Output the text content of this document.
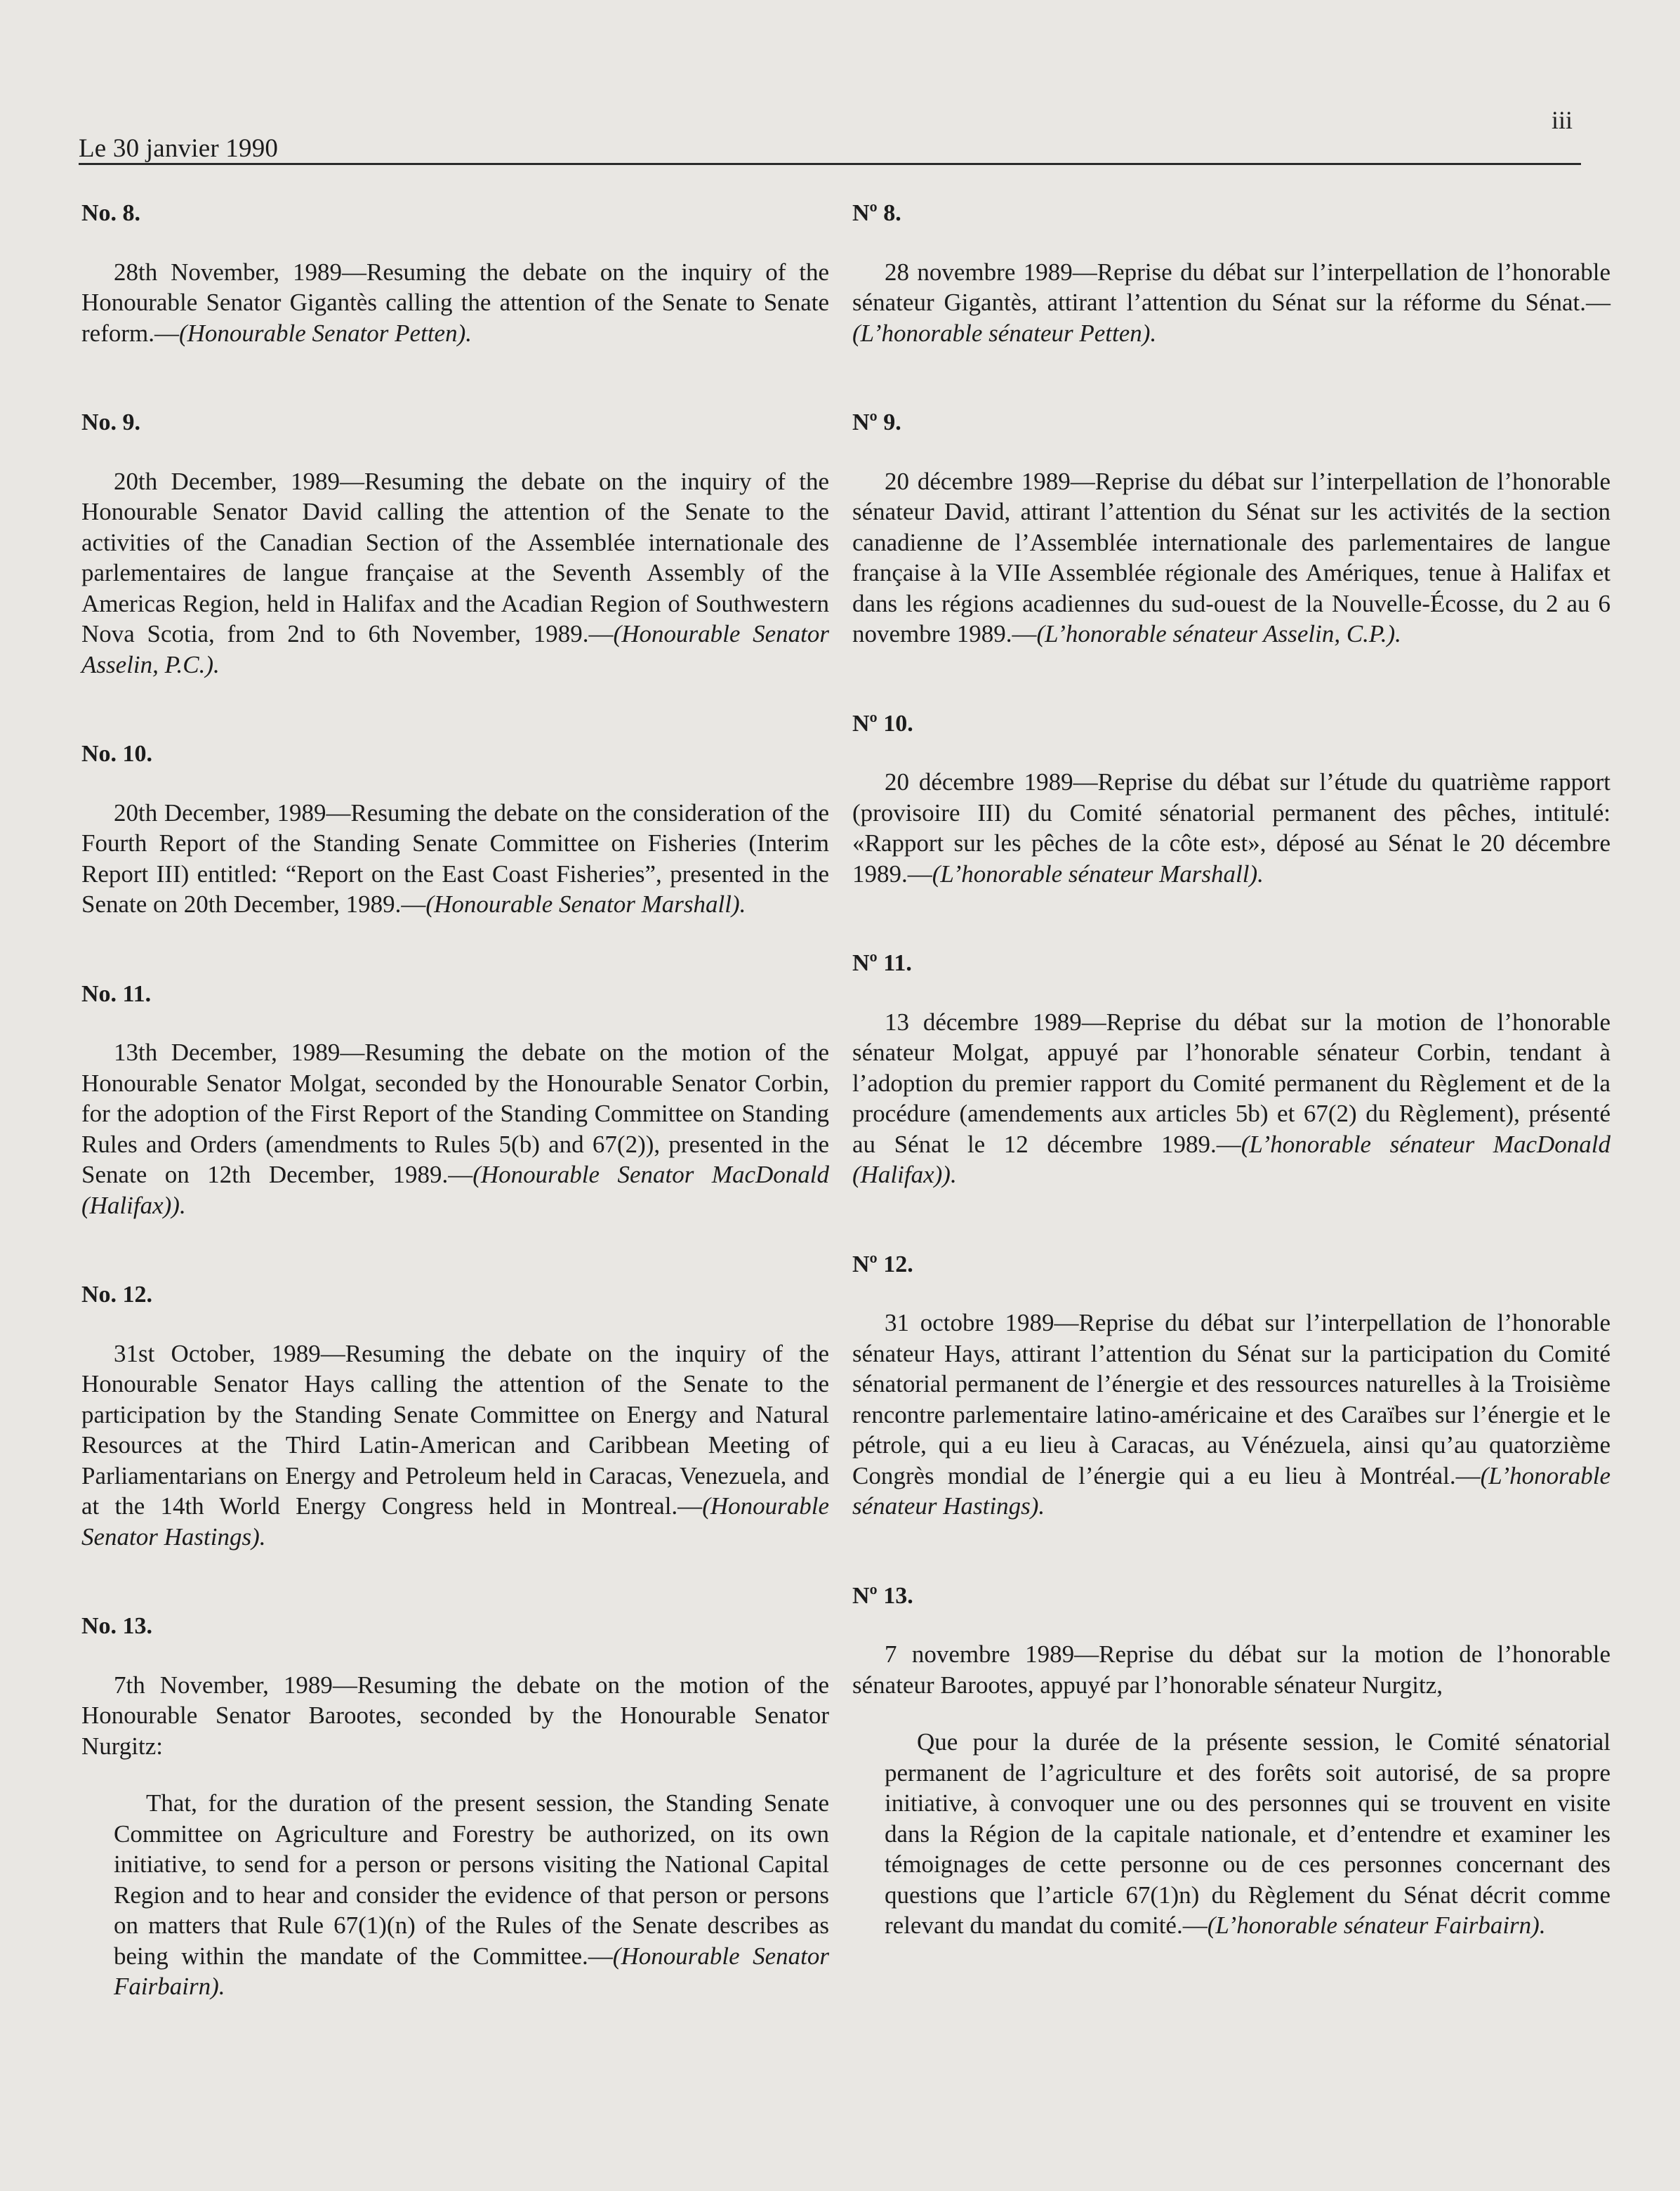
Le 30 janvier 1990
iii
No. 8.

28th November, 1989—Resuming the debate on the inquiry of the Honourable Senator Gigantès calling the attention of the Senate to Senate reform.—(Honourable Senator Petten).

No. 9.

20th December, 1989—Resuming the debate on the inquiry of the Honourable Senator David calling the attention of the Senate to the activities of the Canadian Section of the Assemblée internationale des parlementaires de langue française at the Seventh Assembly of the Americas Region, held in Halifax and the Acadian Region of Southwestern Nova Scotia, from 2nd to 6th November, 1989.—(Honourable Senator Asselin, P.C.).

No. 10.

20th December, 1989—Resuming the debate on the consideration of the Fourth Report of the Standing Senate Committee on Fisheries (Interim Report III) entitled: “Report on the East Coast Fisheries”, presented in the Senate on 20th December, 1989.—(Honourable Senator Marshall).

No. 11.

13th December, 1989—Resuming the debate on the motion of the Honourable Senator Molgat, seconded by the Honourable Senator Corbin, for the adoption of the First Report of the Standing Committee on Standing Rules and Orders (amendments to Rules 5(b) and 67(2)), presented in the Senate on 12th December, 1989.—(Honourable Senator MacDonald (Halifax)).

No. 12.

31st October, 1989—Resuming the debate on the inquiry of the Honourable Senator Hays calling the attention of the Senate to the participation by the Standing Senate Committee on Energy and Natural Resources at the Third Latin-American and Caribbean Meeting of Parliamentarians on Energy and Petroleum held in Caracas, Venezuela, and at the 14th World Energy Congress held in Montreal.—(Honourable Senator Hastings).

No. 13.

7th November, 1989—Resuming the debate on the motion of the Honourable Senator Barootes, seconded by the Honourable Senator Nurgitz:

That, for the duration of the present session, the Standing Senate Committee on Agriculture and Forestry be authorized, on its own initiative, to send for a person or persons visiting the National Capital Region and to hear and consider the evidence of that person or persons on matters that Rule 67(1)(n) of the Rules of the Senate describes as being within the mandate of the Committee.—(Honourable Senator Fairbairn).

Nº 8.

28 novembre 1989—Reprise du débat sur l’interpellation de l’honorable sénateur Gigantès, attirant l’attention du Sénat sur la réforme du Sénat.—(L’honorable sénateur Petten).

Nº 9.

20 décembre 1989—Reprise du débat sur l’interpellation de l’honorable sénateur David, attirant l’attention du Sénat sur les activités de la section canadienne de l’Assemblée internationale des parlementaires de langue française à la VIIe Assemblée régionale des Amériques, tenue à Halifax et dans les régions acadiennes du sud-ouest de la Nouvelle-Écosse, du 2 au 6 novembre 1989.—(L’honorable sénateur Asselin, C.P.).

Nº 10.

20 décembre 1989—Reprise du débat sur l’étude du quatrième rapport (provisoire III) du Comité sénatorial permanent des pêches, intitulé: «Rapport sur les pêches de la côte est», déposé au Sénat le 20 décembre 1989.—(L’honorable sénateur Marshall).

Nº 11.

13 décembre 1989—Reprise du débat sur la motion de l’honorable sénateur Molgat, appuyé par l’honorable sénateur Corbin, tendant à l’adoption du premier rapport du Comité permanent du Règlement et de la procédure (amendements aux articles 5b) et 67(2) du Règlement), présenté au Sénat le 12 décembre 1989.—(L’honorable sénateur MacDonald (Halifax)).

Nº 12.

31 octobre 1989—Reprise du débat sur l’interpellation de l’honorable sénateur Hays, attirant l’attention du Sénat sur la participation du Comité sénatorial permanent de l’énergie et des ressources naturelles à la Troisième rencontre parlementaire latino-américaine et des Caraïbes sur l’énergie et le pétrole, qui a eu lieu à Caracas, au Vénézuela, ainsi qu’au quatorzième Congrès mondial de l’énergie qui a eu lieu à Montréal.—(L’honorable sénateur Hastings).

Nº 13.

7 novembre 1989—Reprise du débat sur la motion de l’honorable sénateur Barootes, appuyé par l’honorable sénateur Nurgitz,

Que pour la durée de la présente session, le Comité sénatorial permanent de l’agriculture et des forêts soit autorisé, de sa propre initiative, à convoquer une ou des personnes qui se trouvent en visite dans la Région de la capitale nationale, et d’entendre et examiner les témoignages de cette personne ou de ces personnes concernant des questions que l’article 67(1)n) du Règlement du Sénat décrit comme relevant du mandat du comité.—(L’honorable sénateur Fairbairn).
